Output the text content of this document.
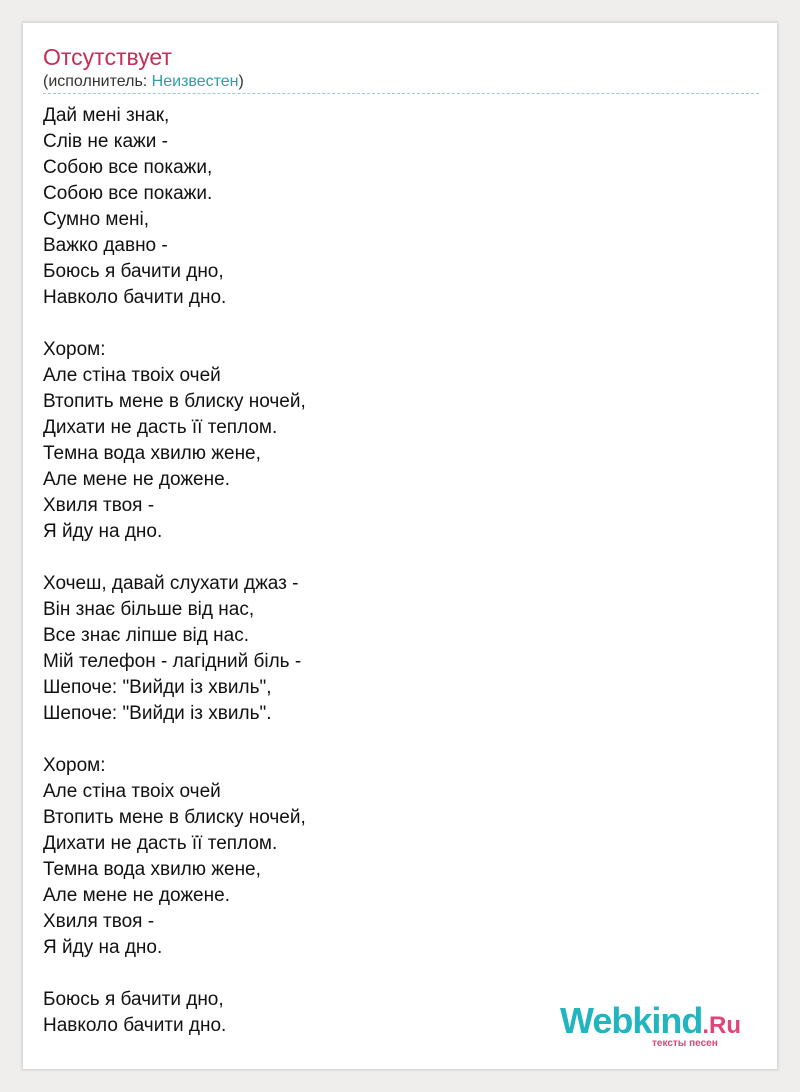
Отсутствует
(исполнитель: Неизвестен)
Дай мені знак,
Слів не кажи -
Собою все покажи,
Собою все покажи.
Сумно мені,
Важко давно -
Боюсь я бачити дно,
Навколо бачити дно.
Хором:
Але стіна твоіх очей
Втопить мене в блиску ночей,
Дихати не дасть її теплом.
Темна вода хвилю жене,
Але мене не дожене.
Хвиля твоя -
Я йду на дно.
Хочеш, давай слухати джаз -
Він знає більше від нас,
Все знає ліпше від нас.
Мій телефон - лагідний біль -
Шепоче: "Вийди із хвиль",
Шепоче: "Вийди із хвиль".
Хором:
Але стіна твоіх очей
Втопить мене в блиску ночей,
Дихати не дасть її теплом.
Темна вода хвилю жене,
Але мене не дожене.
Хвиля твоя -
Я йду на дно.
Боюсь я бачити дно,
Навколо бачити дно.	Webkind.Ru
тексты песен
